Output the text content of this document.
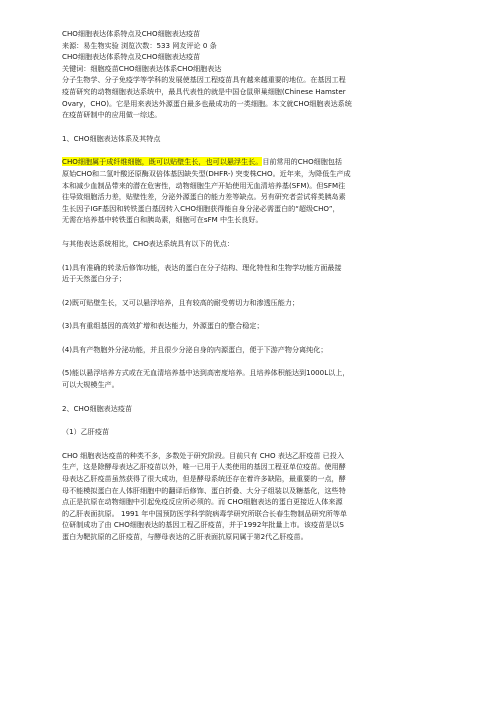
CHO细胞表达体系特点及CHO细胞表达疫苗
来源：易生物实验 浏览次数：533 网友评论 0 条
CHO细胞表达体系特点及CHO细胞表达疫苗
关键词：细胞疫苗CHO细胞表达体系CHO细胞表达
分子生物学、分子免疫学等学科的发展使基因工程疫苗具有越来越重要的地位。在基因工程
疫苗研究的动物细胞表达系统中，最具代表性的就是中国仓鼠卵巢细胞(Chinese Hamster
Ovary，CHO)。它是用来表达外源蛋白最多也最成功的一类细胞。本文就CHO细胞表达系统
在疫苗研制中的应用做一综述。
1、CHO细胞表达体系及其特点
CHO细胞属于成纤维细胞，既可以贴壁生长，也可以悬浮生长。目前常用的CHO细胞包括
原始CHO和二氢叶酸还原酶双倍体基因缺失型(DHFR-) 突变株CHO。近年来，为降低生产成
本和减少血制品带来的潜在危害性，动物细胞生产开始使用无血清培养基(SFM)。但SFM往
往导致细胞活力差，贴壁性差，分泌外源蛋白的能力差等缺点。另有研究者尝试将类胰岛素
生长因子IGF基因和转铁蛋白基因转入CHO细胞获得能自身分泌必需蛋白的“超级CHO”，
无需在培养基中转铁蛋白和胰岛素，细胞可在sFM 中生长良好。
与其他表达系统相比，CHO表达系统具有以下的优点：
(1)具有准确的转录后修饰功能，表达的蛋白在分子结构、理化特性和生物学功能方面最接
近于天然蛋白分子；
(2)既可贴壁生长，又可以悬浮培养，且有较高的耐受剪切力和渗透压能力；
(3)具有重组基因的高效扩增和表达能力，外源蛋白的整合稳定；
(4)具有产物胞外分泌功能，并且很少分泌自身的内源蛋白，便于下游产物分离纯化；
(5)能以悬浮培养方式或在无血清培养基中达到高密度培养。且培养体积能达到1000L以上，
可以大规模生产。
2、CHO细胞表达疫苗
（1）乙肝疫苗
CHO 细胞表达疫苗的种类不多，多数处于研究阶段。目前只有 CHO 表达乙肝疫苗 已投入
生产，这是除酵母表达乙肝疫苗以外，唯一已用于人类使用的基因工程亚单位疫苗。使用酵
母表达乙肝疫苗虽然获得了很大成功，但是酵母系统还存在着许多缺陷，最重要的一点，酵
母不能模拟蛋白在人体肝细胞中的翻译后修饰、蛋白折叠、大分子组装以及糖基化，这些特
点正是抗原在动物细胞中引起免疫反应所必须的。而 CHO细胞表达的蛋白更接近人体来源
的乙肝表面抗原。 1991 年中国预防医学科学院病毒学研究所联合长春生物制品研究所等单
位研制成功了由 CHO细胞表达的基因工程乙肝疫苗，并于1992年批量上市。该疫苗是以S
蛋白为靶抗原的乙肝疫苗，与酵母表达的乙肝表面抗原同属于第2代乙肝疫苗。
